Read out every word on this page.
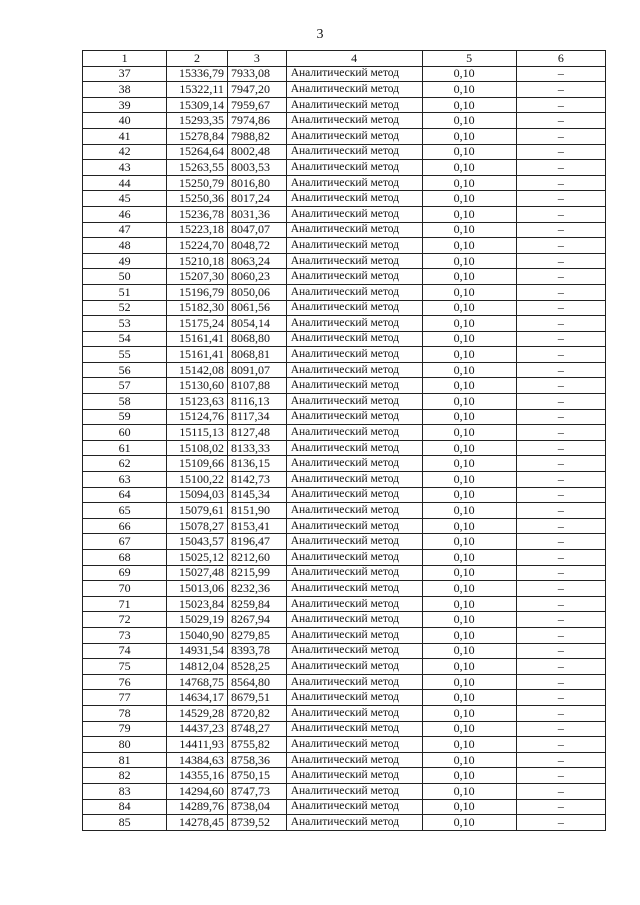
3
1	2	3	4	5	6
37	15336,79	7933,08	Аналитический метод	0,10	–
38	15322,11	7947,20	Аналитический метод	0,10	–
39	15309,14	7959,67	Аналитический метод	0,10	–
40	15293,35	7974,86	Аналитический метод	0,10	–
41	15278,84	7988,82	Аналитический метод	0,10	–
42	15264,64	8002,48	Аналитический метод	0,10	–
43	15263,55	8003,53	Аналитический метод	0,10	–
44	15250,79	8016,80	Аналитический метод	0,10	–
45	15250,36	8017,24	Аналитический метод	0,10	–
46	15236,78	8031,36	Аналитический метод	0,10	–
47	15223,18	8047,07	Аналитический метод	0,10	–
48	15224,70	8048,72	Аналитический метод	0,10	–
49	15210,18	8063,24	Аналитический метод	0,10	–
50	15207,30	8060,23	Аналитический метод	0,10	–
51	15196,79	8050,06	Аналитический метод	0,10	–
52	15182,30	8061,56	Аналитический метод	0,10	–
53	15175,24	8054,14	Аналитический метод	0,10	–
54	15161,41	8068,80	Аналитический метод	0,10	–
55	15161,41	8068,81	Аналитический метод	0,10	–
56	15142,08	8091,07	Аналитический метод	0,10	–
57	15130,60	8107,88	Аналитический метод	0,10	–
58	15123,63	8116,13	Аналитический метод	0,10	–
59	15124,76	8117,34	Аналитический метод	0,10	–
60	15115,13	8127,48	Аналитический метод	0,10	–
61	15108,02	8133,33	Аналитический метод	0,10	–
62	15109,66	8136,15	Аналитический метод	0,10	–
63	15100,22	8142,73	Аналитический метод	0,10	–
64	15094,03	8145,34	Аналитический метод	0,10	–
65	15079,61	8151,90	Аналитический метод	0,10	–
66	15078,27	8153,41	Аналитический метод	0,10	–
67	15043,57	8196,47	Аналитический метод	0,10	–
68	15025,12	8212,60	Аналитический метод	0,10	–
69	15027,48	8215,99	Аналитический метод	0,10	–
70	15013,06	8232,36	Аналитический метод	0,10	–
71	15023,84	8259,84	Аналитический метод	0,10	–
72	15029,19	8267,94	Аналитический метод	0,10	–
73	15040,90	8279,85	Аналитический метод	0,10	–
74	14931,54	8393,78	Аналитический метод	0,10	–
75	14812,04	8528,25	Аналитический метод	0,10	–
76	14768,75	8564,80	Аналитический метод	0,10	–
77	14634,17	8679,51	Аналитический метод	0,10	–
78	14529,28	8720,82	Аналитический метод	0,10	–
79	14437,23	8748,27	Аналитический метод	0,10	–
80	14411,93	8755,82	Аналитический метод	0,10	–
81	14384,63	8758,36	Аналитический метод	0,10	–
82	14355,16	8750,15	Аналитический метод	0,10	–
83	14294,60	8747,73	Аналитический метод	0,10	–
84	14289,76	8738,04	Аналитический метод	0,10	–
85	14278,45	8739,52	Аналитический метод	0,10	–
